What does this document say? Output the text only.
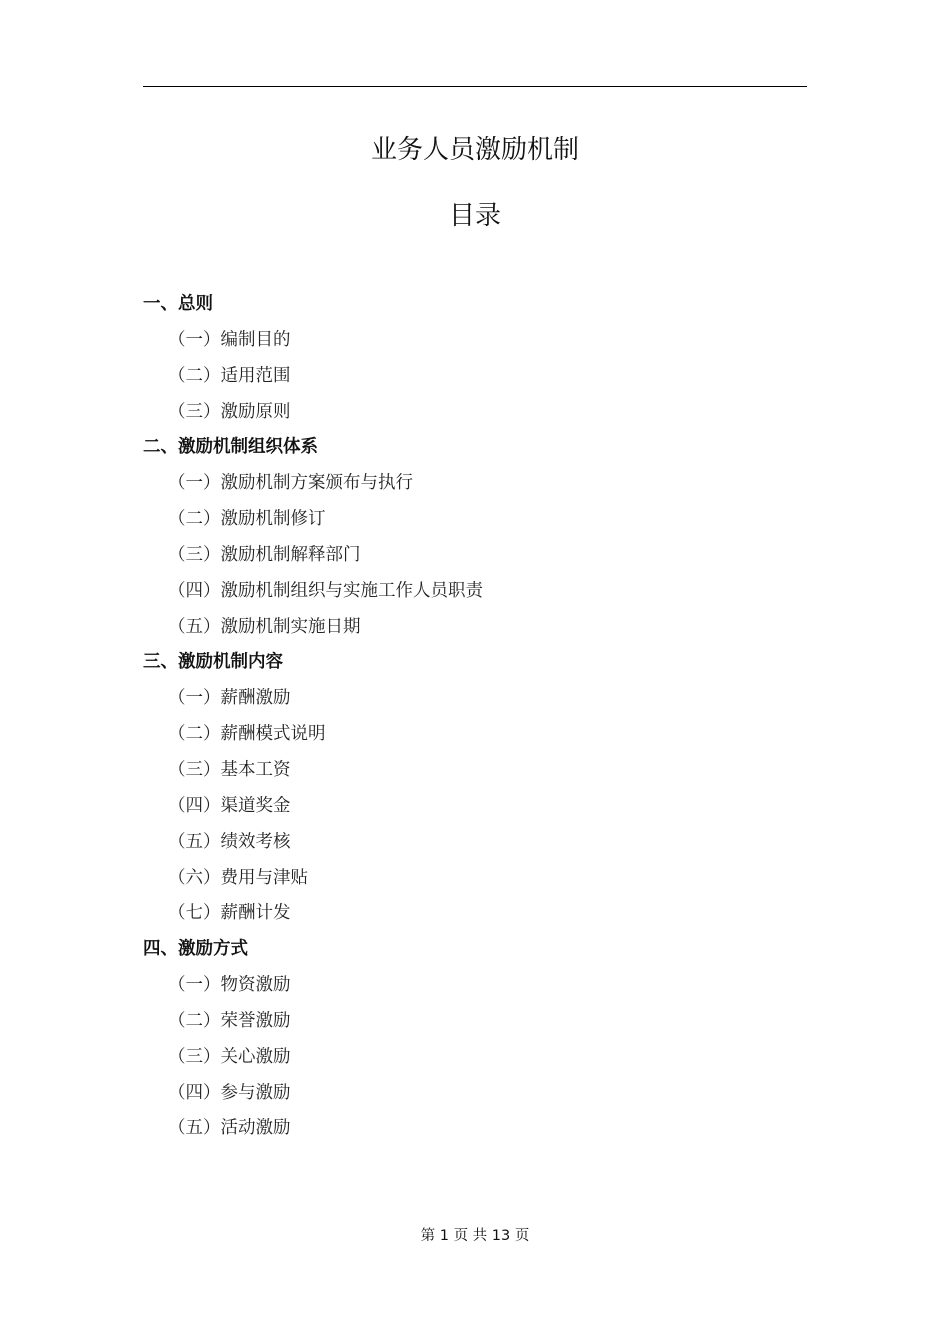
业务人员激励机制
目录
一、总则
（一）编制目的
（二）适用范围
（三）激励原则
二、激励机制组织体系
（一）激励机制方案颁布与执行
（二）激励机制修订
（三）激励机制解释部门
（四）激励机制组织与实施工作人员职责
（五）激励机制实施日期
三、激励机制内容
（一）薪酬激励
（二）薪酬模式说明
（三）基本工资
（四）渠道奖金
（五）绩效考核
（六）费用与津贴
（七）薪酬计发
四、激励方式
（一）物资激励
（二）荣誉激励
（三）关心激励
（四）参与激励
（五）活动激励
第 1 页 共 13 页
